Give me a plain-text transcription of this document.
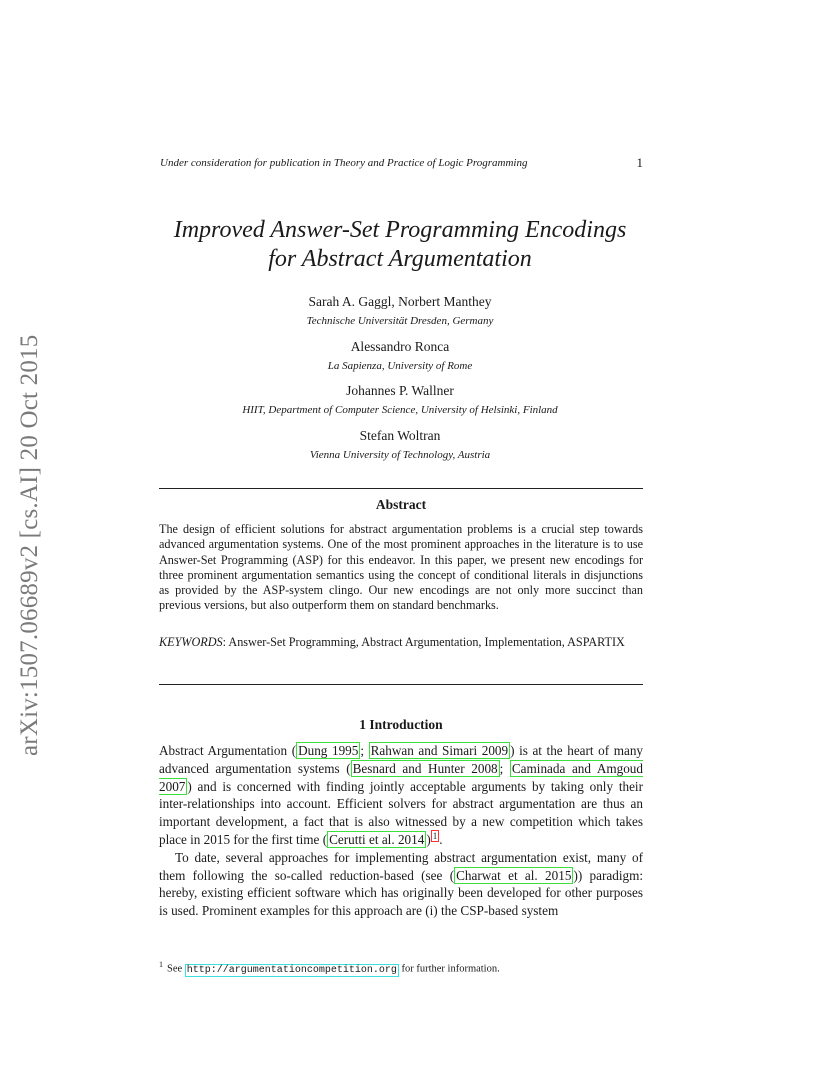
Under consideration for publication in Theory and Practice of Logic Programming	1
arXiv:1507.06689v2 [cs.AI] 20 Oct 2015
Improved Answer-Set Programming Encodings
for Abstract Argumentation
Sarah A. Gaggl, Norbert Manthey
Technische Universität Dresden, Germany
Alessandro Ronca
La Sapienza, University of Rome
Johannes P. Wallner
HIIT, Department of Computer Science, University of Helsinki, Finland
Stefan Woltran
Vienna University of Technology, Austria
Abstract
The design of efficient solutions for abstract argumentation problems is a crucial step towards advanced argumentation systems. One of the most prominent approaches in the literature is to use Answer-Set Programming (ASP) for this endeavor. In this paper, we present new encodings for three prominent argumentation semantics using the concept of conditional literals in disjunctions as provided by the ASP-system clingo. Our new encodings are not only more succinct than previous versions, but also outperform them on standard benchmarks.
KEYWORDS: Answer-Set Programming, Abstract Argumentation, Implementation, ASPARTIX
1 Introduction

Abstract Argumentation ( Dung 1995 ; Rahwan and Simari 2009 ) is at the heart of many advanced argumentation systems ( Besnard and Hunter 2008 ; Caminada and Amgoud 2007 ) and is concerned with finding jointly acceptable arguments by taking only their inter-relationships into account. Efficient solvers for abstract argumentation are thus an important development, a fact that is also witnessed by a new competition which takes place in 2015 for the first time ( Cerutti et al. 2014 ) $^1$ .

To date, several approaches for implementing abstract argumentation exist, many of them following the so-called reduction-based (see ( Charwat et al. 2015 )) paradigm: hereby, existing efficient software which has originally been developed for other purposes is used. Prominent examples for this approach are (i) the CSP-based system

$^1$ See http://argumentationcompetition.org for further information.
